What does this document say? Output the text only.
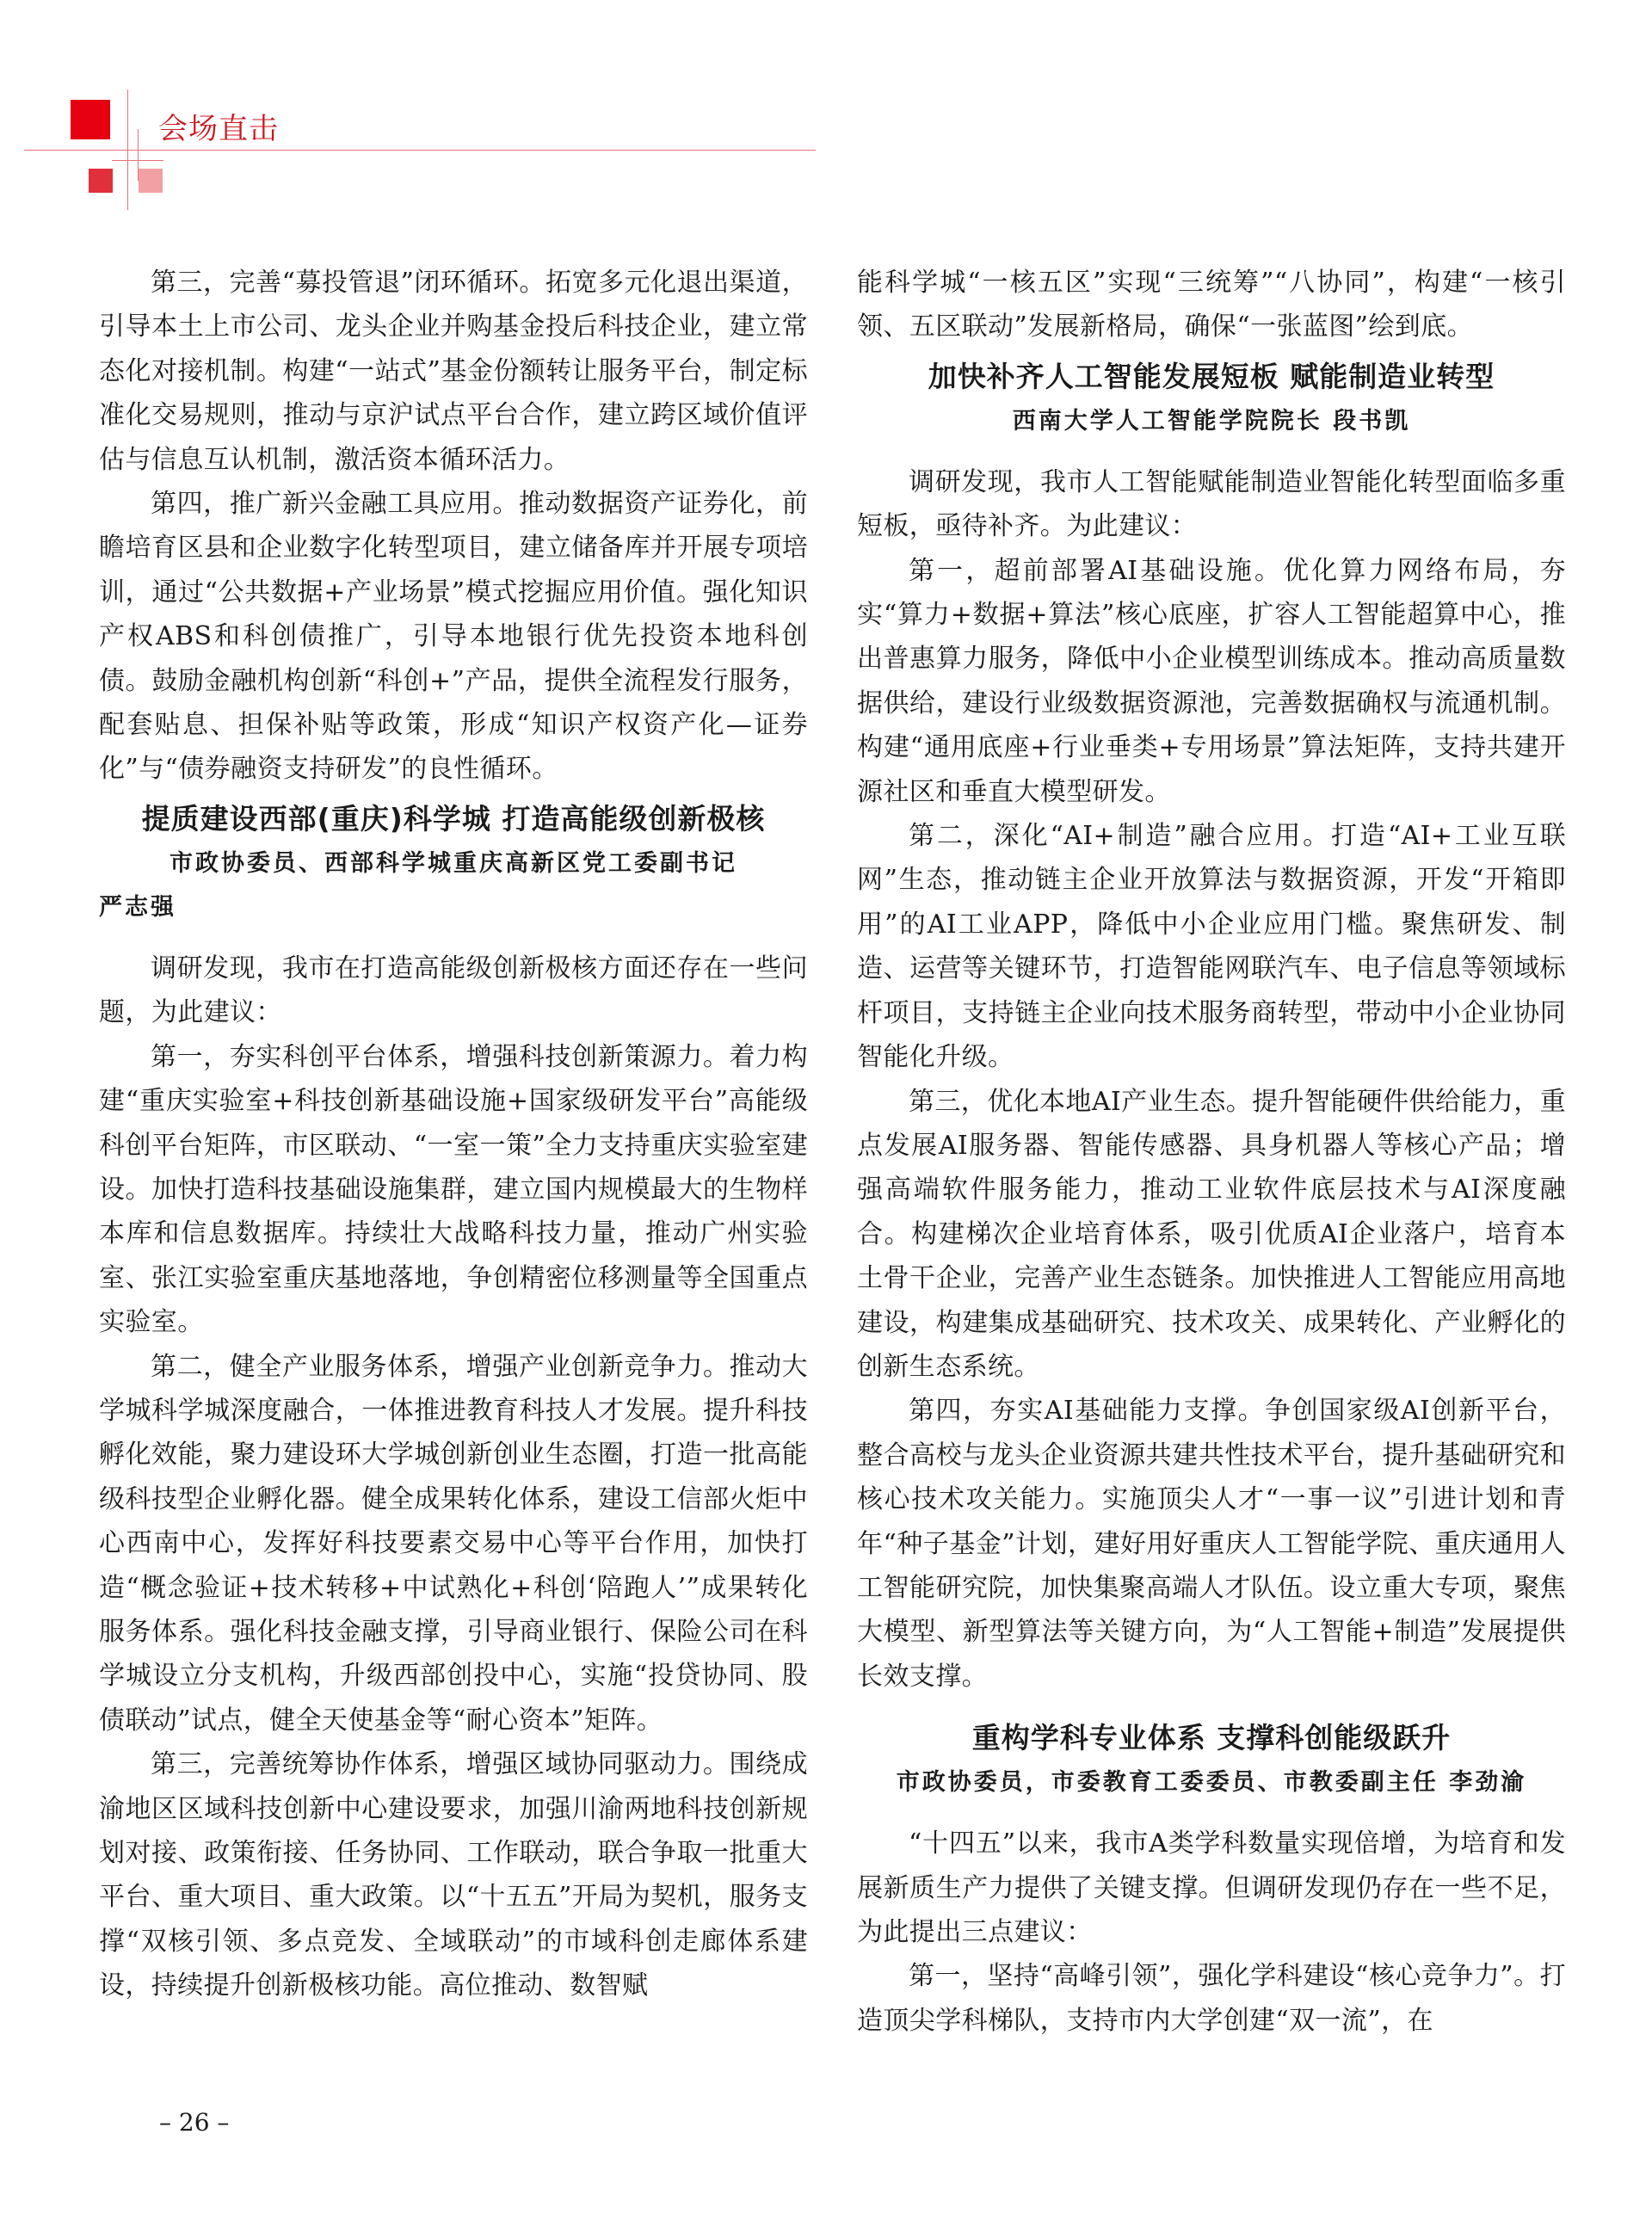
会场直击

第三，完善“募投管退”闭环循环。拓宽多元化退出渠道，引导本土上市公司、龙头企业并购基金投后科技企业，建立常态化对接机制。构建“一站式”基金份额转让服务平台，制定标准化交易规则，推动与京沪试点平台合作，建立跨区域价值评估与信息互认机制，激活资本循环活力。

第四，推广新兴金融工具应用。推动数据资产证券化，前瞻培育区县和企业数字化转型项目，建立储备库并开展专项培训，通过“公共数据+产业场景”模式挖掘应用价值。强化知识产权ABS和科创债推广，引导本地银行优先投资本地科创债。鼓励金融机构创新“科创+”产品，提供全流程发行服务，配套贴息、担保补贴等政策，形成“知识产权资产化—证券化”与“债券融资支持研发”的良性循环。

提质建设西部(重庆)科学城 打造高能级创新极核

市政协委员、西部科学城重庆高新区党工委副书记

严志强

调研发现，我市在打造高能级创新极核方面还存在一些问题，为此建议：

第一，夯实科创平台体系，增强科技创新策源力。着力构建“重庆实验室+科技创新基础设施+国家级研发平台”高能级科创平台矩阵，市区联动、“一室一策”全力支持重庆实验室建设。加快打造科技基础设施集群，建立国内规模最大的生物样本库和信息数据库。持续壮大战略科技力量，推动广州实验室、张江实验室重庆基地落地，争创精密位移测量等全国重点实验室。

第二，健全产业服务体系，增强产业创新竞争力。推动大学城科学城深度融合，一体推进教育科技人才发展。提升科技孵化效能，聚力建设环大学城创新创业生态圈，打造一批高能级科技型企业孵化器。健全成果转化体系，建设工信部火炬中心西南中心，发挥好科技要素交易中心等平台作用，加快打造“概念验证+技术转移+中试熟化+科创‘陪跑人’”成果转化服务体系。强化科技金融支撑，引导商业银行、保险公司在科学城设立分支机构，升级西部创投中心，实施“投贷协同、股债联动”试点，健全天使基金等“耐心资本”矩阵。

第三，完善统筹协作体系，增强区域协同驱动力。围绕成渝地区区域科技创新中心建设要求，加强川渝两地科技创新规划对接、政策衔接、任务协同、工作联动，联合争取一批重大平台、重大项目、重大政策。以“十五五”开局为契机，服务支撑“双核引领、多点竞发、全域联动”的市域科创走廊体系建设，持续提升创新极核功能。高位推动、数智赋

能科学城“一核五区”实现“三统筹”“八协同”，构建“一核引领、五区联动”发展新格局，确保“一张蓝图”绘到底。

加快补齐人工智能发展短板 赋能制造业转型

西南大学人工智能学院院长 段书凯

调研发现，我市人工智能赋能制造业智能化转型面临多重短板，亟待补齐。为此建议：

第一，超前部署AI基础设施。优化算力网络布局，夯实“算力+数据+算法”核心底座，扩容人工智能超算中心，推出普惠算力服务，降低中小企业模型训练成本。推动高质量数据供给，建设行业级数据资源池，完善数据确权与流通机制。构建“通用底座+行业垂类+专用场景”算法矩阵，支持共建开源社区和垂直大模型研发。

第二，深化“AI+制造”融合应用。打造“AI+工业互联网”生态，推动链主企业开放算法与数据资源，开发“开箱即用”的AI工业APP，降低中小企业应用门槛。聚焦研发、制造、运营等关键环节，打造智能网联汽车、电子信息等领域标杆项目，支持链主企业向技术服务商转型，带动中小企业协同智能化升级。

第三，优化本地AI产业生态。提升智能硬件供给能力，重点发展AI服务器、智能传感器、具身机器人等核心产品；增强高端软件服务能力，推动工业软件底层技术与AI深度融合。构建梯次企业培育体系，吸引优质AI企业落户，培育本土骨干企业，完善产业生态链条。加快推进人工智能应用高地建设，构建集成基础研究、技术攻关、成果转化、产业孵化的创新生态系统。

第四，夯实AI基础能力支撑。争创国家级AI创新平台，整合高校与龙头企业资源共建共性技术平台，提升基础研究和核心技术攻关能力。实施顶尖人才“一事一议”引进计划和青年“种子基金”计划，建好用好重庆人工智能学院、重庆通用人工智能研究院，加快集聚高端人才队伍。设立重大专项，聚焦大模型、新型算法等关键方向，为“人工智能+制造”发展提供长效支撑。

重构学科专业体系 支撑科创能级跃升

市政协委员，市委教育工委委员、市教委副主任 李劲渝

“十四五”以来，我市A类学科数量实现倍增，为培育和发展新质生产力提供了关键支撑。但调研发现仍存在一些不足，为此提出三点建议：

第一，坚持“高峰引领”，强化学科建设“核心竞争力”。打造顶尖学科梯队，支持市内大学创建“双一流”，在

– 26 –
